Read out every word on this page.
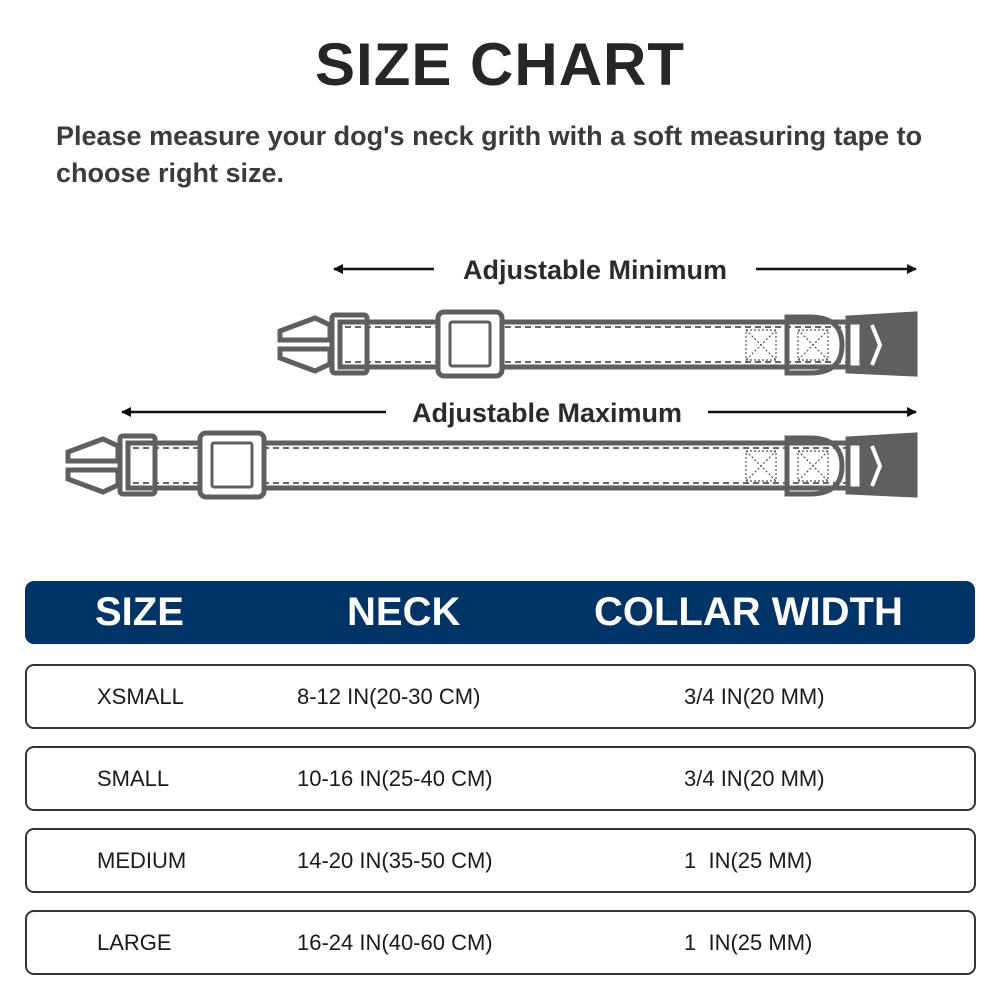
SIZE CHART
Please measure your dog's neck grith with a soft measuring tape to choose right size.
Adjustable Minimum
Adjustable Maximum
SIZE	NECK	COLLAR WIDTH
XSMALL	8-12 IN(20-30 CM)	3/4 IN(20 MM)
SMALL	10-16 IN(25-40 CM)	3/4 IN(20 MM)
MEDIUM	14-20 IN(35-50 CM)	1  IN(25 MM)
LARGE	16-24 IN(40-60 CM)	1  IN(25 MM)
